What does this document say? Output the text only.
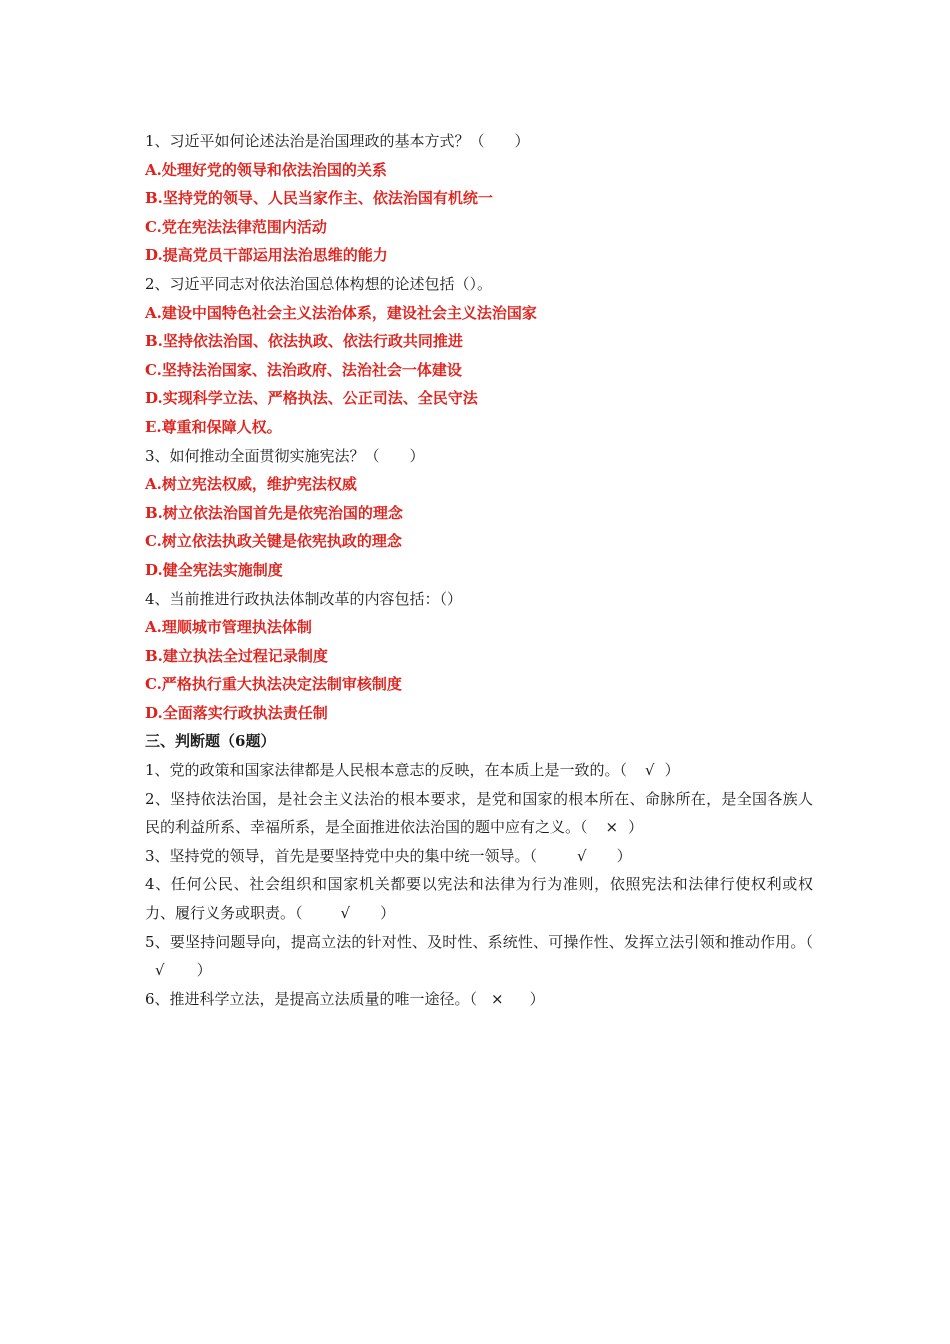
1、习近平如何论述法治是治国理政的基本方式？（　　）

A.处理好党的领导和依法治国的关系

B.坚持党的领导、人民当家作主、依法治国有机统一

C.党在宪法法律范围内活动

D.提高党员干部运用法治思维的能力

2、习近平同志对依法治国总体构想的论述包括（）。

A.建设中国特色社会主义法治体系，建设社会主义法治国家

B.坚持依法治国、依法执政、依法行政共同推进

C.坚持法治国家、法治政府、法治社会一体建设

D.实现科学立法、严格执法、公正司法、全民守法

E.尊重和保障人权。

3、如何推动全面贯彻实施宪法？（　　）

A.树立宪法权威，维护宪法权威

B.树立依法治国首先是依宪治国的理念

C.树立依法执政关键是依宪执政的理念

D.健全宪法实施制度

4、当前推进行政执法体制改革的内容包括：（）

A.理顺城市管理执法体制

B.建立执法全过程记录制度

C.严格执行重大执法决定法制审核制度

D.全面落实行政执法责任制

三、判断题（6题）

1、党的政策和国家法律都是人民根本意志的反映，在本质上是一致的。（ √ ）

2、坚持依法治国，是社会主义法治的根本要求，是党和国家的根本所在、命脉所在，是全国各族人民的利益所系、幸福所系，是全面推进依法治国的题中应有之义。（ × ）

3、坚持党的领导，首先是要坚持党中央的集中统一领导。（	√ ）

4、任何公民、社会组织和国家机关都要以宪法和法律为行为准则，依照宪法和法律行使权利或权力、履行义务或职责。（	√ ）

5、要坚持问题导向，提高立法的针对性、及时性、系统性、可操作性、发挥立法引领和推动作用。（√ ）

6、推进科学立法，是提高立法质量的唯一途径。（ × ）
